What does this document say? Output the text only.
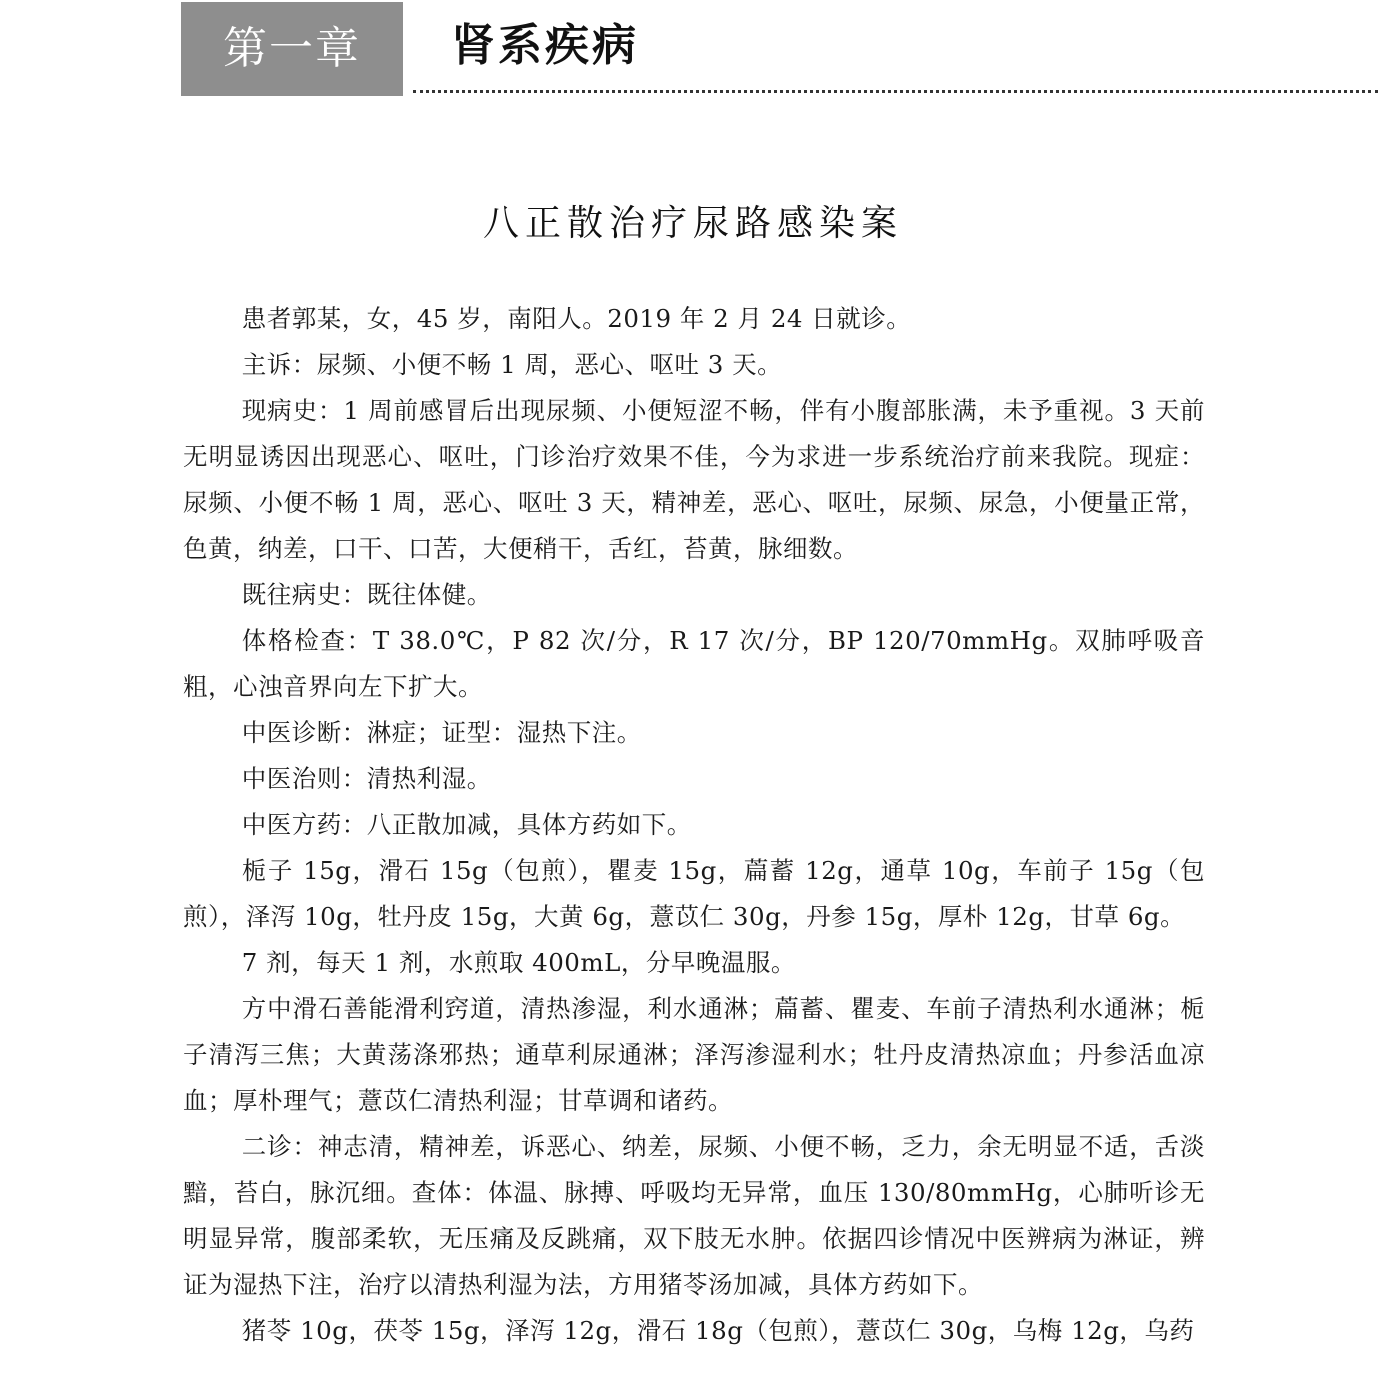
第一章	肾系疾病
八正散治疗尿路感染案

患者郭某，女，45 岁，南阳人。2019 年 2 月 24 日就诊。

主诉：尿频、小便不畅 1 周，恶心、呕吐 3 天。

现病史：1 周前感冒后出现尿频、小便短涩不畅，伴有小腹部胀满，未予重视。3 天前无明显诱因出现恶心、呕吐，门诊治疗效果不佳，今为求进一步系统治疗前来我院。现症：尿频、小便不畅 1 周，恶心、呕吐 3 天，精神差，恶心、呕吐，尿频、尿急，小便量正常，色黄，纳差，口干、口苦，大便稍干，舌红，苔黄，脉细数。

既往病史：既往体健。

体格检查：T 38.0℃，P 82 次/分，R 17 次/分，BP 120/70mmHg。双肺呼吸音粗，心浊音界向左下扩大。

中医诊断：淋症；证型：湿热下注。

中医治则：清热利湿。

中医方药：八正散加减，具体方药如下。

栀子 15g，滑石 15g（包煎），瞿麦 15g，萹蓄 12g，通草 10g，车前子 15g（包煎），泽泻 10g，牡丹皮 15g，大黄 6g，薏苡仁 30g，丹参 15g，厚朴 12g，甘草 6g。

7 剂，每天 1 剂，水煎取 400mL，分早晚温服。

方中滑石善能滑利窍道，清热渗湿，利水通淋；萹蓄、瞿麦、车前子清热利水通淋；栀子清泻三焦；大黄荡涤邪热；通草利尿通淋；泽泻渗湿利水；牡丹皮清热凉血；丹参活血凉血；厚朴理气；薏苡仁清热利湿；甘草调和诸药。

二诊：神志清，精神差，诉恶心、纳差，尿频、小便不畅，乏力，余无明显不适，舌淡黯，苔白，脉沉细。查体：体温、脉搏、呼吸均无异常，血压 130/80mmHg，心肺听诊无明显异常，腹部柔软，无压痛及反跳痛，双下肢无水肿。依据四诊情况中医辨病为淋证，辨证为湿热下注，治疗以清热利湿为法，方用猪苓汤加减，具体方药如下。

猪苓 10g，茯苓 15g，泽泻 12g，滑石 18g（包煎），薏苡仁 30g，乌梅 12g，乌药
